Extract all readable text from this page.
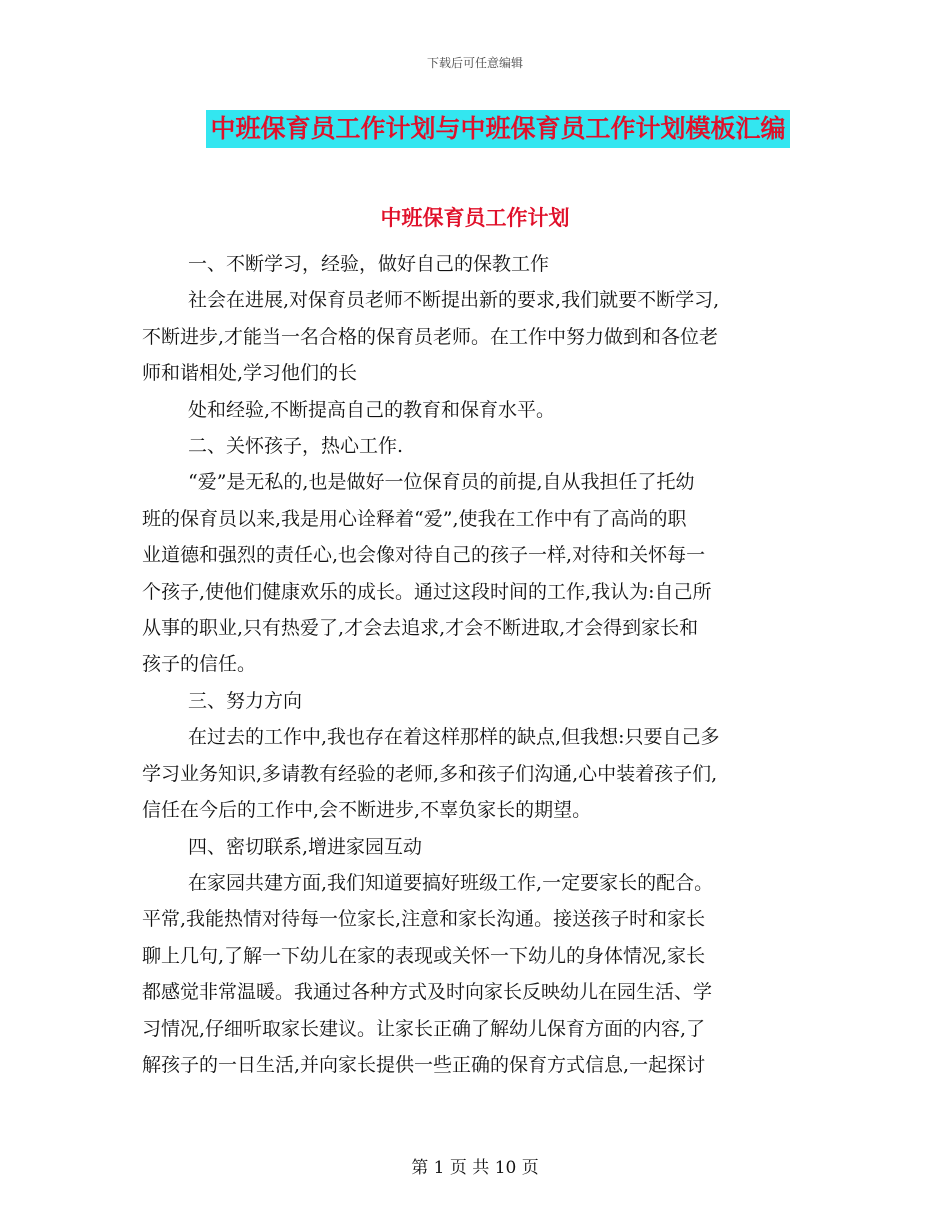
下载后可任意编辑
中班保育员工作计划与中班保育员工作计划模板汇编
中班保育员工作计划

一、不断学习，经验，做好自己的保教工作

社会在进展,对保育员老师不断提出新的要求,我们就要不断学习,

不断进步,才能当一名合格的保育员老师。在工作中努力做到和各位老

师和谐相处,学习他们的长

处和经验,不断提高自己的教育和保育水平。

二、关怀孩子，热心工作.

“爱”是无私的,也是做好一位保育员的前提,自从我担任了托幼

班的保育员以来,我是用心诠释着“爱”,使我在工作中有了高尚的职

业道德和强烈的责任心,也会像对待自己的孩子一样,对待和关怀每一

个孩子,使他们健康欢乐的成长。通过这段时间的工作,我认为:自己所

从事的职业,只有热爱了,才会去追求,才会不断进取,才会得到家长和

孩子的信任。

三、努力方向

在过去的工作中,我也存在着这样那样的缺点,但我想:只要自己多

学习业务知识,多请教有经验的老师,多和孩子们沟通,心中装着孩子们,

信任在今后的工作中,会不断进步,不辜负家长的期望。

四、密切联系,增进家园互动

在家园共建方面,我们知道要搞好班级工作,一定要家长的配合。

平常,我能热情对待每一位家长,注意和家长沟通。接送孩子时和家长

聊上几句,了解一下幼儿在家的表现或关怀一下幼儿的身体情况,家长

都感觉非常温暖。我通过各种方式及时向家长反映幼儿在园生活、学

习情况,仔细听取家长建议。让家长正确了解幼儿保育方面的内容,了

解孩子的一日生活,并向家长提供一些正确的保育方式信息,一起探讨

第 1 页 共 10 页
